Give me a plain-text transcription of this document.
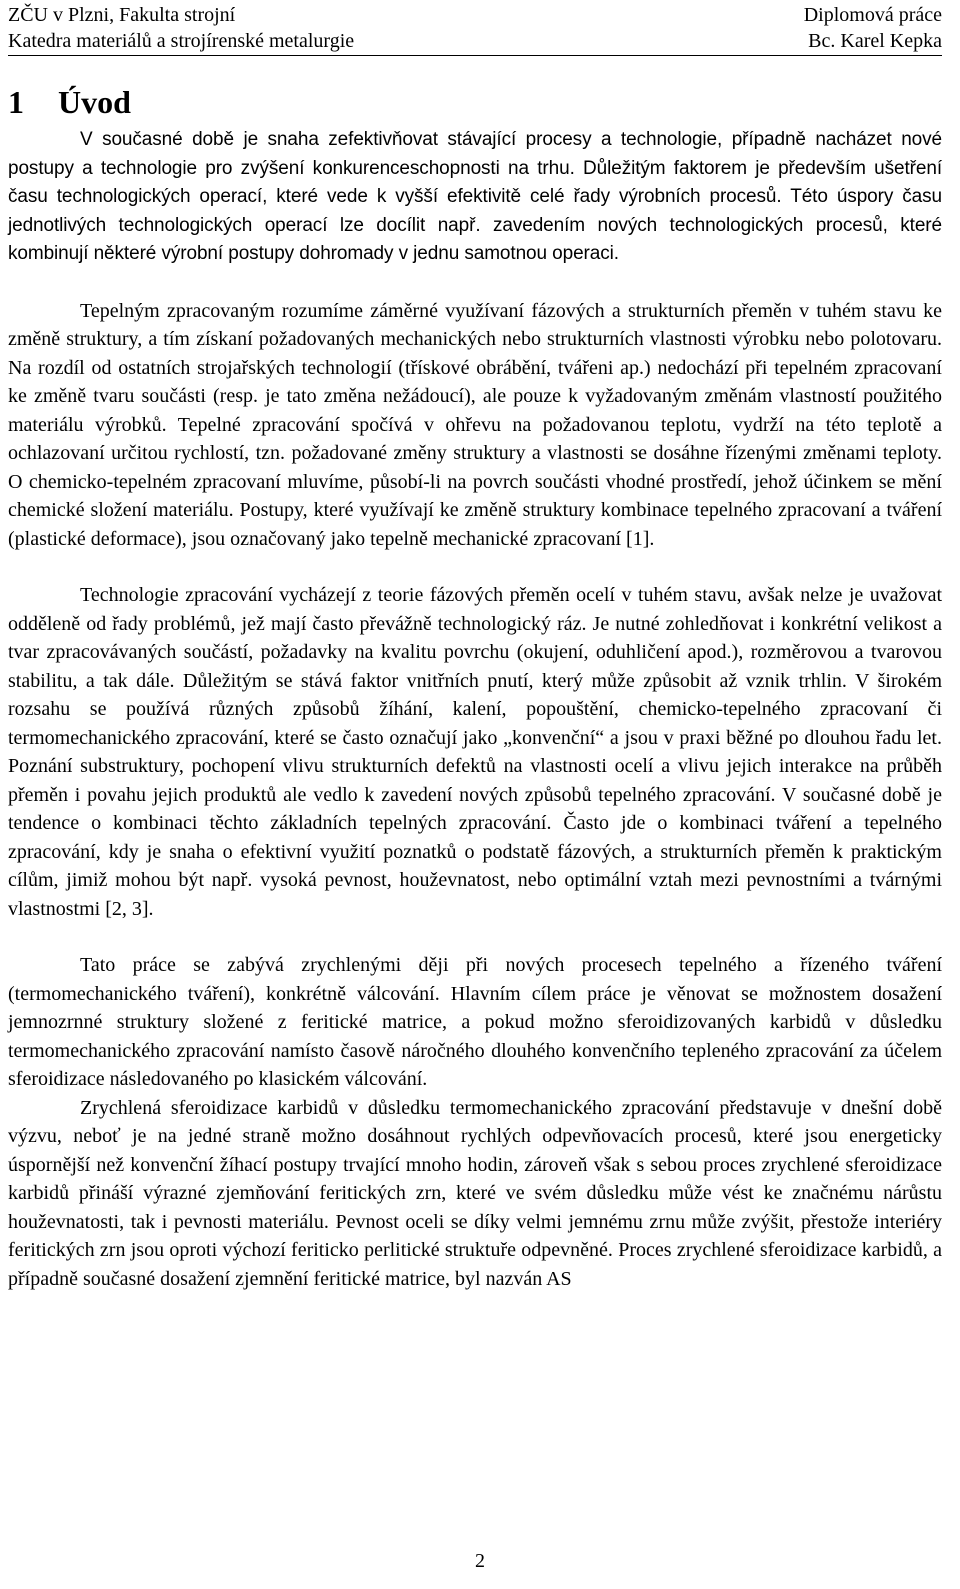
ZČU v Plzni, Fakulta strojní
Katedra materiálů a strojírenské metalurgie
Diplomová práce
Bc. Karel Kepka
1 Úvod

V současné době je snaha zefektivňovat stávající procesy a technologie, případně nacházet nové postupy a technologie pro zvýšení konkurenceschopnosti na trhu. Důležitým faktorem je především ušetření času technologických operací, které vede k vyšší efektivitě celé řady výrobních procesů. Této úspory času jednotlivých technologických operací lze docílit např. zavedením nových technologických procesů, které kombinují některé výrobní postupy dohromady v jednu samotnou operaci.

Tepelným zpracovaným rozumíme záměrné využívaní fázových a strukturních přeměn v tuhém stavu ke změně struktury, a tím získaní požadovaných mechanických nebo strukturních vlastnosti výrobku nebo polotovaru. Na rozdíl od ostatních strojařských technologií (třískové obrábění, tvářeni ap.) nedochází při tepelném zpracovaní ke změně tvaru součásti (resp. je tato změna nežádoucí), ale pouze k vyžadovaným změnám vlastností použitého materiálu výrobků. Tepelné zpracování spočívá v ohřevu na požadovanou teplotu, vydrží na této teplotě a ochlazovaní určitou rychlostí, tzn. požadované změny struktury a vlastnosti se dosáhne řízenými změnami teploty. O chemicko-tepelném zpracovaní mluvíme, působí-li na povrch součásti vhodné prostředí, jehož účinkem se mění chemické složení materiálu. Postupy, které využívají ke změně struktury kombinace tepelného zpracovaní a tváření (plastické deformace), jsou označovaný jako tepelně mechanické zpracovaní [1].

Technologie zpracování vycházejí z teorie fázových přeměn ocelí v tuhém stavu, avšak nelze je uvažovat odděleně od řady problémů, jež mají často převážně technologický ráz. Je nutné zohledňovat i konkrétní velikost a tvar zpracovávaných součástí, požadavky na kvalitu povrchu (okujení, oduhličení apod.), rozměrovou a tvarovou stabilitu, a tak dále. Důležitým se stává faktor vnitřních pnutí, který může způsobit až vznik trhlin. V širokém rozsahu se používá různých způsobů žíhání, kalení, popouštění, chemicko-tepelného zpracovaní či termomechanického zpracování, které se často označují jako „konvenční“ a jsou v praxi běžné po dlouhou řadu let. Poznání substruktury, pochopení vlivu strukturních defektů na vlastnosti ocelí a vlivu jejich interakce na průběh přeměn i povahu jejich produktů ale vedlo k zavedení nových způsobů tepelného zpracování. V současné době je tendence o kombinaci těchto základních tepelných zpracování. Často jde o kombinaci tváření a tepelného zpracování, kdy je snaha o efektivní využití poznatků o podstatě fázových, a strukturních přeměn k praktickým cílům, jimiž mohou být např. vysoká pevnost, houževnatost, nebo optimální vztah mezi pevnostními a tvárnými vlastnostmi [2, 3].

Tato práce se zabývá zrychlenými ději při nových procesech tepelného a řízeného tváření (termomechanického tváření), konkrétně válcování. Hlavním cílem práce je věnovat se možnostem dosažení jemnozrnné struktury složené z feritické matrice, a pokud možno sferoidizovaných karbidů v důsledku termomechanického zpracování namísto časově náročného dlouhého konvenčního tepleného zpracování za účelem sferoidizace následovaného po klasickém válcování.

Zrychlená sferoidizace karbidů v důsledku termomechanického zpracování představuje v dnešní době výzvu, neboť je na jedné straně možno dosáhnout rychlých odpevňovacích procesů, které jsou energeticky úspornější než konvenční žíhací postupy trvající mnoho hodin, zároveň však s sebou proces zrychlené sferoidizace karbidů přináší výrazné zjemňování feritických zrn, které ve svém důsledku může vést ke značnému nárůstu houževnatosti, tak i pevnosti materiálu. Pevnost oceli se díky velmi jemnému zrnu může zvýšit, přestože interiéry feritických zrn jsou oproti výchozí feriticko perlitické struktuře odpevněné. Proces zrychlené sferoidizace karbidů, a případně současné dosažení zjemnění feritické matrice, byl nazván AS

2
